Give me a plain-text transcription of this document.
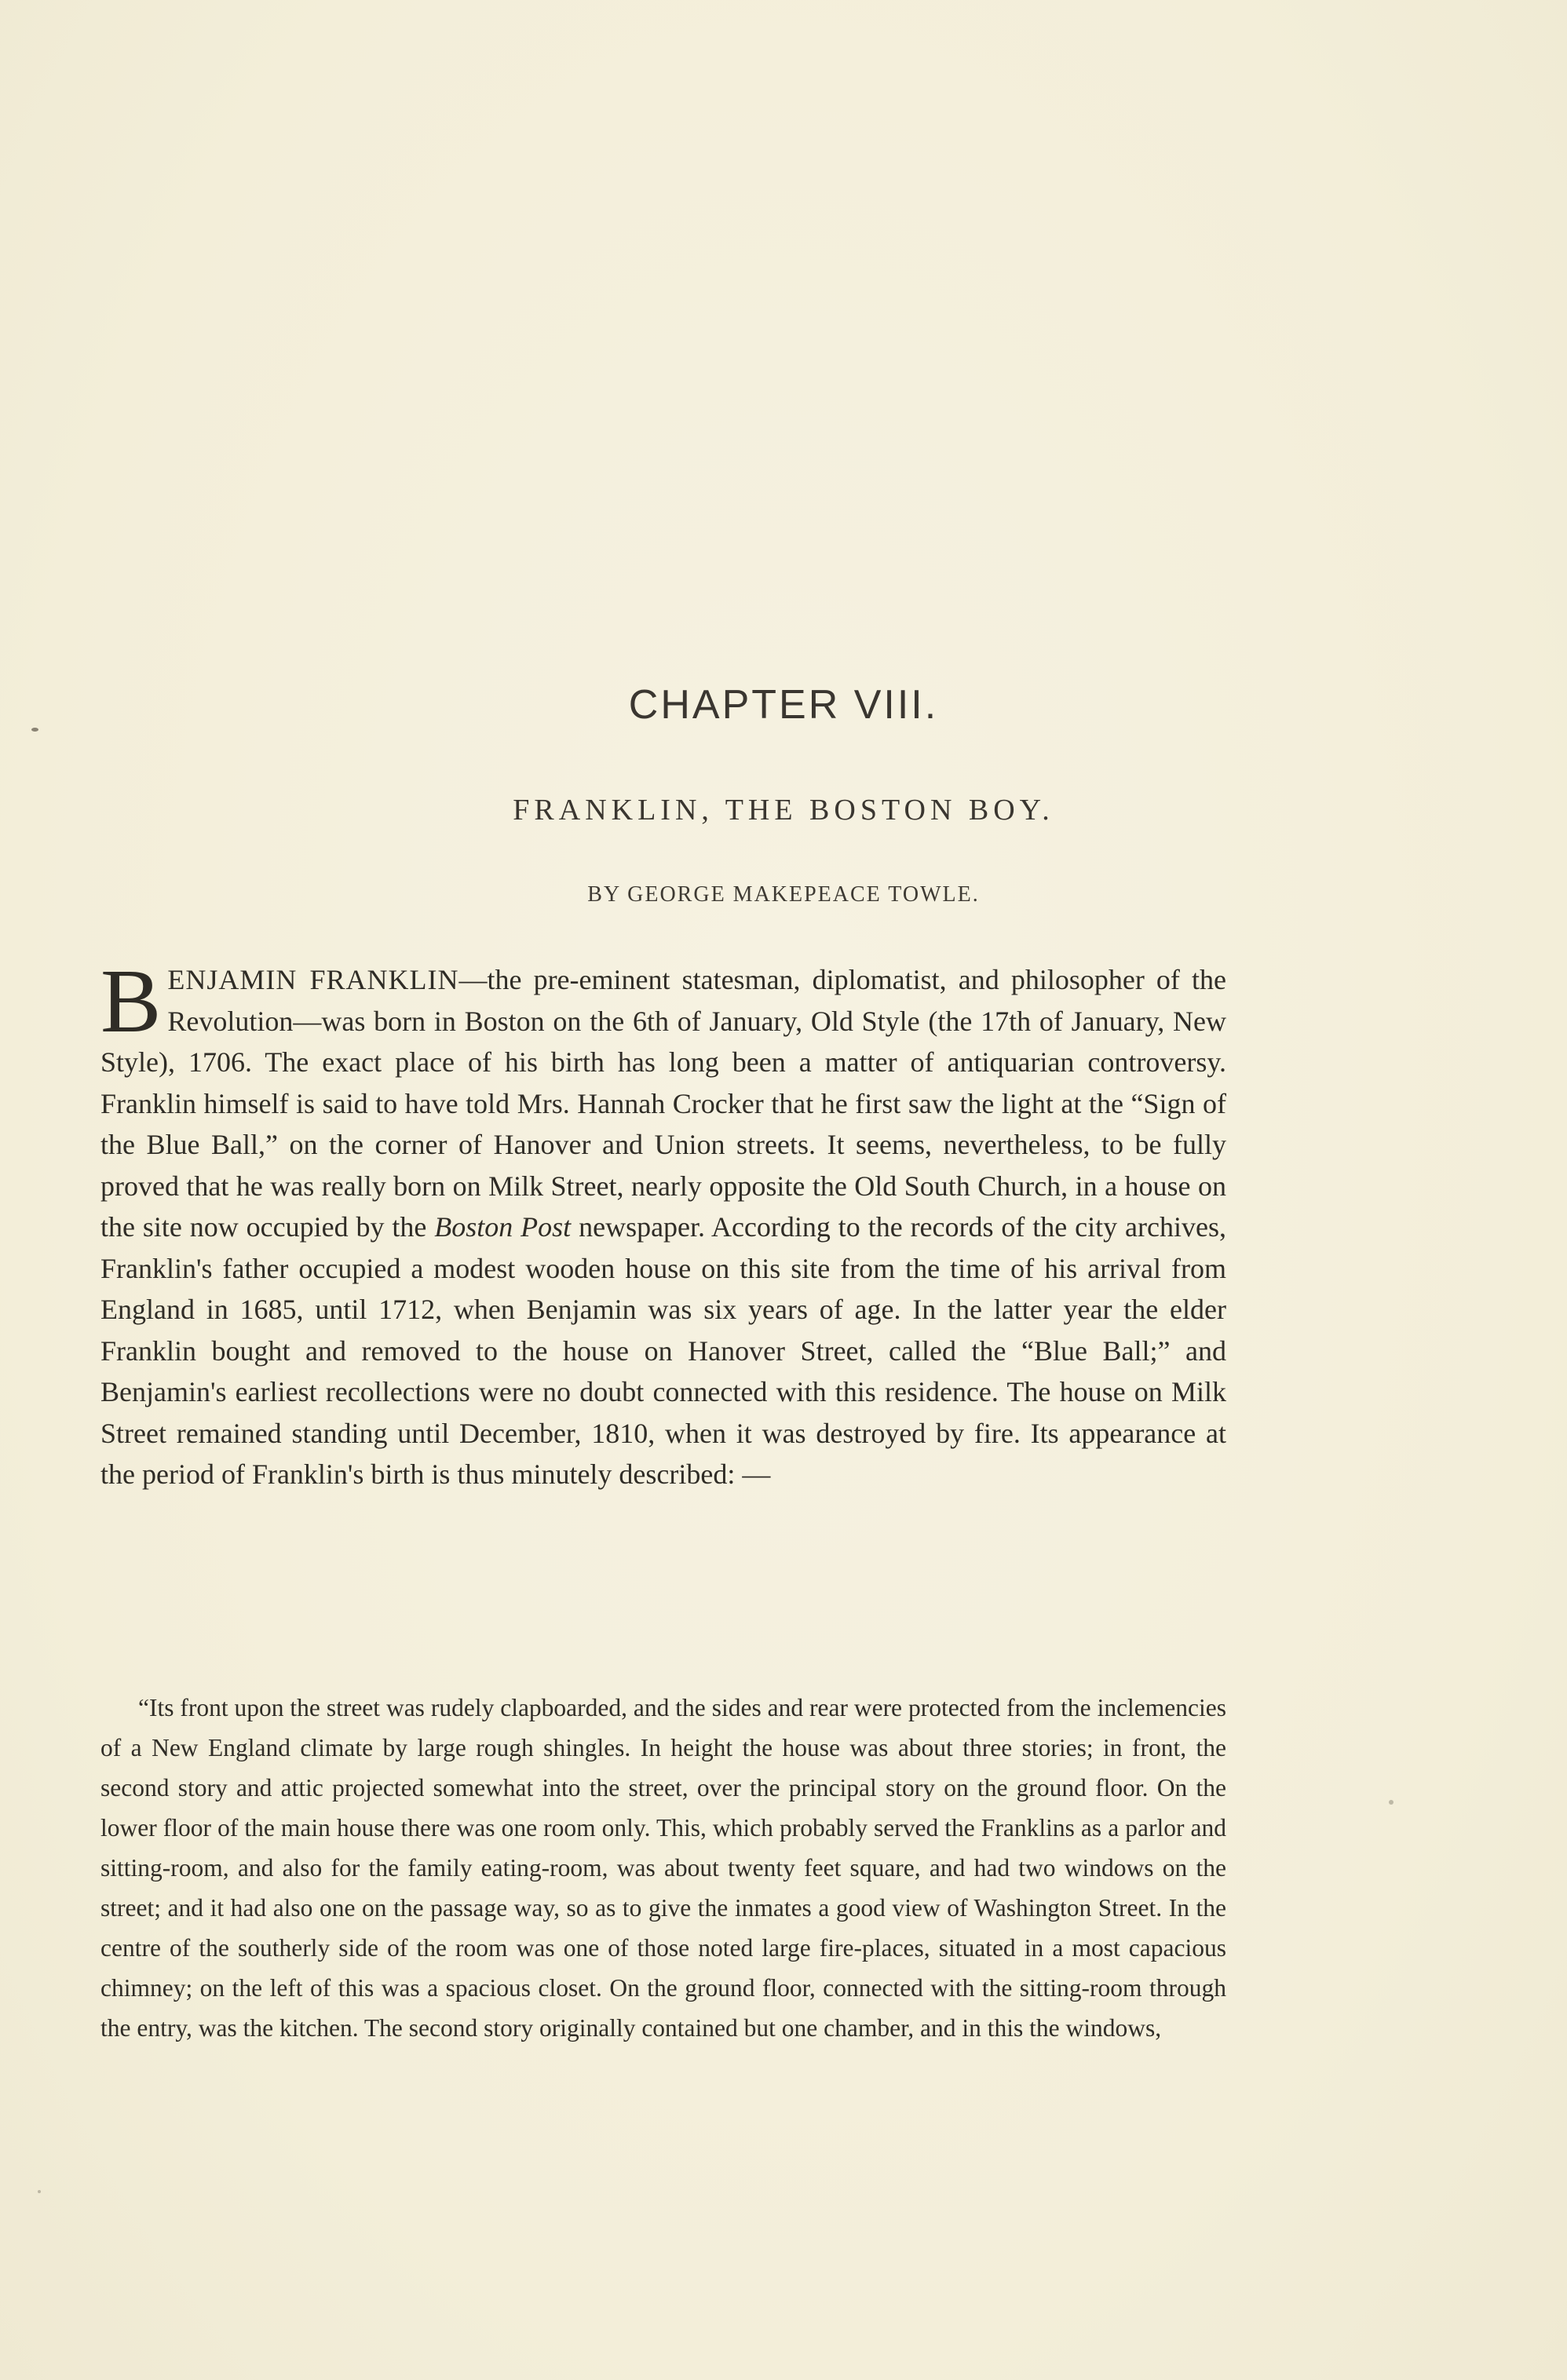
CHAPTER VIII.
FRANKLIN, THE BOSTON BOY.

BY GEORGE MAKEPEACE TOWLE.

BENJAMIN FRANKLIN—the pre-eminent statesman, diplomatist, and philosopher of the Revolution—was born in Boston on the 6th of January, Old Style (the 17th of January, New Style), 1706. The exact place of his birth has long been a matter of antiquarian controversy. Franklin himself is said to have told Mrs. Hannah Crocker that he first saw the light at the “Sign of the Blue Ball,” on the corner of Hanover and Union streets. It seems, nevertheless, to be fully proved that he was really born on Milk Street, nearly opposite the Old South Church, in a house on the site now occupied by the Boston Post newspaper. According to the records of the city archives, Franklin's father occupied a modest wooden house on this site from the time of his arrival from England in 1685, until 1712, when Benjamin was six years of age. In the latter year the elder Franklin bought and removed to the house on Hanover Street, called the “Blue Ball;” and Benjamin's earliest recollections were no doubt connected with this residence. The house on Milk Street remained standing until December, 1810, when it was destroyed by fire. Its appearance at the period of Franklin's birth is thus minutely described: —

“Its front upon the street was rudely clapboarded, and the sides and rear were protected from the inclemencies of a New England climate by large rough shingles. In height the house was about three stories; in front, the second story and attic projected somewhat into the street, over the principal story on the ground floor. On the lower floor of the main house there was one room only. This, which probably served the Franklins as a parlor and sitting-room, and also for the family eating-room, was about twenty feet square, and had two windows on the street; and it had also one on the passage way, so as to give the inmates a good view of Washington Street. In the centre of the southerly side of the room was one of those noted large fire-places, situated in a most capacious chimney; on the left of this was a spacious closet. On the ground floor, connected with the sitting-room through the entry, was the kitchen. The second story originally contained but one chamber, and in this the windows,
